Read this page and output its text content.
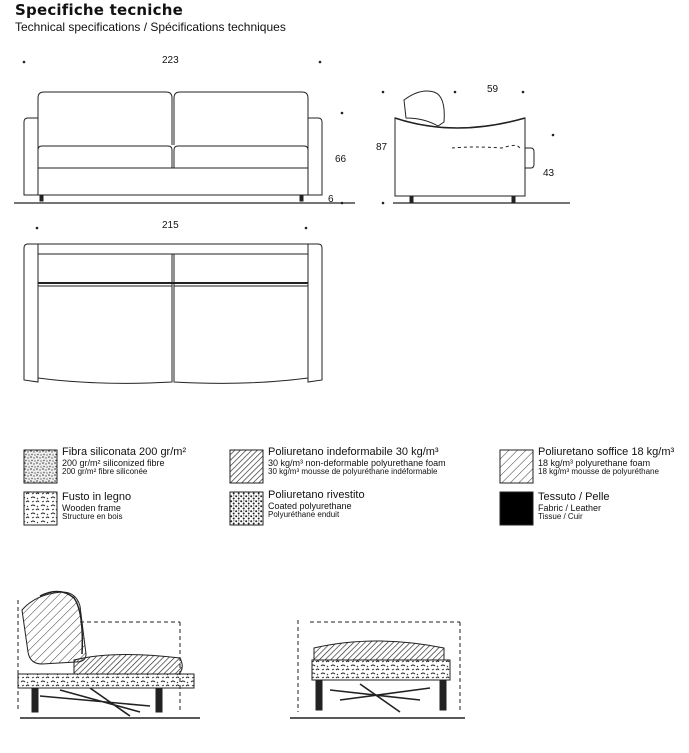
Specifiche tecniche
Technical specifications / Spécifications techniques
223
66
6
59
87
43
215
Fibra siliconata 200 gr/m²
200 gr/m² siliconized fibre
200 gr/m² fibre siliconée
Poliuretano indeformabile 30 kg/m³
30 kg/m³ non-deformable polyurethane foam
30 kg/m³ mousse de polyuréthane indéformable
Poliuretano soffice 18 kg/m³
18 kg/m³ polyurethane foam
18 kg/m³ mousse de polyuréthane
Fusto in legno
Wooden frame
Structure en bois
Poliuretano rivestito
Coated polyurethane
Polyuréthane enduit
Tessuto / Pelle
Fabric / Leather
Tissue / Cuir
